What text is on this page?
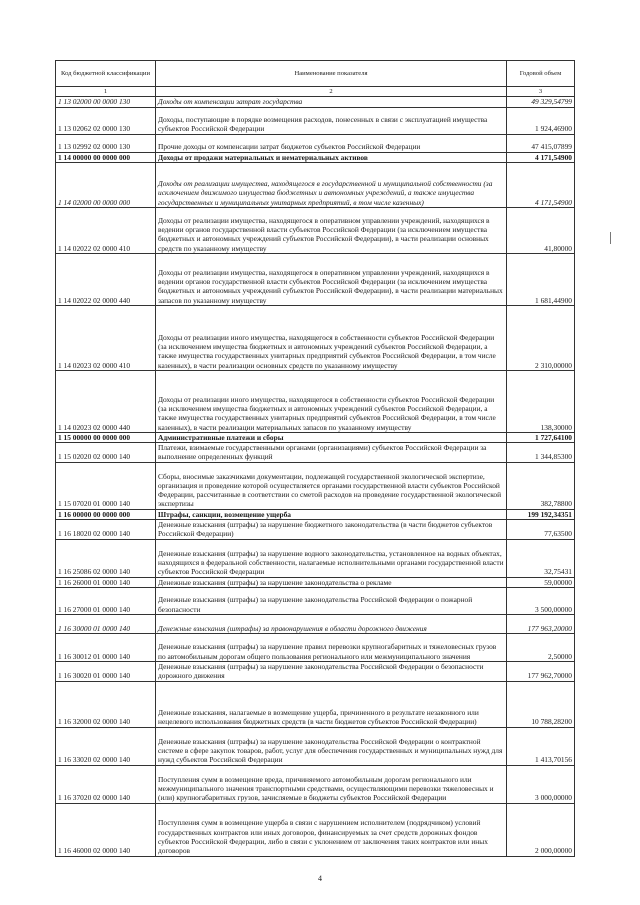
Код бюджетной классификации	Наименование показателя	Годовой объем
1	2	3
1 13 02000 00 0000 130	Доходы от компенсации затрат государства	49 329,54799
1 13 02062 02 0000 130	Доходы, поступающие в порядке возмещения расходов, понесенных в связи с эксплуатацией имущества субъектов Российской Федерации	1 924,46900
1 13 02992 02 0000 130	Прочие доходы от компенсации затрат бюджетов субъектов Российской Федерации	47 415,07899
1 14 00000 00 0000 000	Доходы от продажи материальных и нематериальных активов	4 171,54900
1 14 02000 00 0000 000	Доходы от реализации имущества, находящегося в государственной и муниципальной собственности (за исключением движимого имущества бюджетных и автономных учреждений, а также имущества государственных и муниципальных унитарных предприятий, в том числе казенных)	4 171,54900
1 14 02022 02 0000 410	Доходы от реализации имущества, находящегося в оперативном управлении учреждений, находящихся в ведении органов государственной власти субъектов Российской Федерации (за исключением имущества бюджетных и автономных учреждений субъектов Российской Федерации), в части реализации основных средств по указанному имуществу	41,80000
1 14 02022 02 0000 440	Доходы от реализации имущества, находящегося в оперативном управлении учреждений, находящихся в ведении органов государственной власти субъектов Российской Федерации (за исключением имущества бюджетных и автономных учреждений субъектов Российской Федерации), в части реализации материальных запасов по указанному имуществу	1 681,44900
1 14 02023 02 0000 410	Доходы от реализации иного имущества, находящегося в собственности субъектов Российской Федерации (за исключением имущества бюджетных и автономных учреждений субъектов Российской Федерации, а также имущества государственных унитарных предприятий субъектов Российской Федерации, в том числе казенных), в части реализации основных средств по указанному имуществу	2 310,00000
1 14 02023 02 0000 440	Доходы от реализации иного имущества, находящегося в собственности субъектов Российской Федерации (за исключением имущества бюджетных и автономных учреждений субъектов Российской Федерации, а также имущества государственных унитарных предприятий субъектов Российской Федерации, в том числе казенных), в части реализации материальных запасов по указанному имуществу	138,30000
1 15 00000 00 0000 000	Административные платежи и сборы	1 727,64100
1 15 02020 02 0000 140	Платежи, взимаемые государственными органами (организациями) субъектов Российской Федерации за выполнение определенных функций	1 344,85300
1 15 07020 01 0000 140	Сборы, вносимые заказчиками документации, подлежащей государственной экологической экспертизе, организация и проведение которой осуществляется органами государственной власти субъектов Российской Федерации, рассчитанные в соответствии со сметой расходов на проведение государственной экологической экспертизы	382,78800
1 16 00000 00 0000 000	Штрафы, санкции, возмещение ущерба	199 192,34351
1 16 18020 02 0000 140	Денежные взыскания (штрафы) за нарушение бюджетного законодательства (в части бюджетов субъектов Российской Федерации)	77,63500
1 16 25086 02 0000 140	Денежные взыскания (штрафы) за нарушение водного законодательства, установленное на водных объектах, находящихся в федеральной собственности, налагаемые исполнительными органами государственной власти субъектов Российской Федерации	32,75431
1 16 26000 01 0000 140	Денежные взыскания (штрафы) за нарушение законодательства о рекламе	59,00000
1 16 27000 01 0000 140	Денежные взыскания (штрафы) за нарушение законодательства Российской Федерации о пожарной безопасности	3 500,00000
1 16 30000 01 0000 140	Денежные взыскания (штрафы) за правонарушения в области дорожного движения	177 963,20000
1 16 30012 01 0000 140	Денежные взыскания (штрафы) за нарушение правил перевозки крупногабаритных и тяжеловесных грузов по автомобильным дорогам общего пользования регионального или межмуниципального значения	2,50000
1 16 30020 01 0000 140	Денежные взыскания (штрафы) за нарушение законодательства Российской Федерации о безопасности дорожного движения	177 962,70000
1 16 32000 02 0000 140	Денежные взыскания, налагаемые в возмещение ущерба, причиненного в результате незаконного или нецелевого использования бюджетных средств (в части бюджетов субъектов Российской Федерации)	10 788,28200
1 16 33020 02 0000 140	Денежные взыскания (штрафы) за нарушение законодательства Российской Федерации о контрактной системе в сфере закупок товаров, работ, услуг для обеспечения государственных и муниципальных нужд для нужд субъектов Российской Федерации	1 413,70156
1 16 37020 02 0000 140	Поступления сумм в возмещение вреда, причиняемого автомобильным дорогам регионального или межмуниципального значения транспортными средствами, осуществляющими перевозки тяжеловесных и (или) крупногабаритных грузов, зачисляемые в бюджеты субъектов Российской Федерации	3 000,00000
1 16 46000 02 0000 140	Поступления сумм в возмещение ущерба в связи с нарушением исполнителем (подрядчиком) условий государственных контрактов или иных договоров, финансируемых за счет средств дорожных фондов субъектов Российской Федерации, либо в связи с уклонением от заключения таких контрактов или иных договоров	2 000,00000
4
